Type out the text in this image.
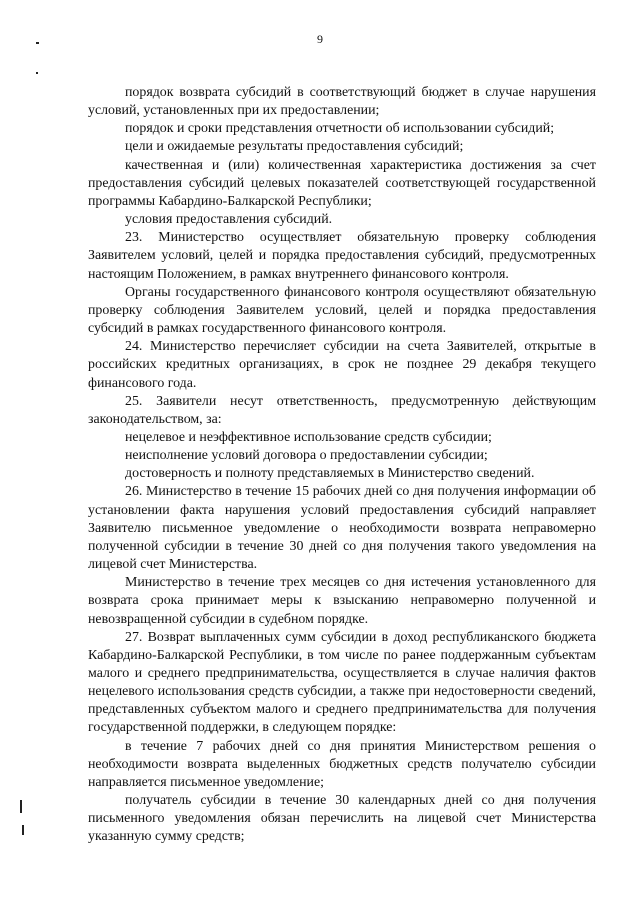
9

порядок возврата субсидий в соответствующий бюджет в случае нарушения условий, установленных при их предоставлении;

порядок и сроки представления отчетности об использовании субсидий;

цели и ожидаемые результаты предоставления субсидий;

качественная и (или) количественная характеристика достижения за счет предоставления субсидий целевых показателей соответствующей государственной программы Кабардино-Балкарской Республики;

условия предоставления субсидий.

23. Министерство осуществляет обязательную проверку соблюдения Заявителем условий, целей и порядка предоставления субсидий, предусмотренных настоящим Положением, в рамках внутреннего финансового контроля.

Органы государственного финансового контроля осуществляют обязательную проверку соблюдения Заявителем условий, целей и порядка предоставления субсидий в рамках государственного финансового контроля.

24. Министерство перечисляет субсидии на счета Заявителей, открытые в российских кредитных организациях, в срок не позднее 29 декабря текущего финансового года.

25. Заявители несут ответственность, предусмотренную действующим законодательством, за:

нецелевое и неэффективное использование средств субсидии;

неисполнение условий договора о предоставлении субсидии;

достоверность и полноту представляемых в Министерство сведений.

26. Министерство в течение 15 рабочих дней со дня получения информации об установлении факта нарушения условий предоставления субсидий направляет Заявителю письменное уведомление о необходимости возврата неправомерно полученной субсидии в течение 30 дней со дня получения такого уведомления на лицевой счет Министерства.

Министерство в течение трех месяцев со дня истечения установленного для возврата срока принимает меры к взысканию неправомерно полученной и невозвращенной субсидии в судебном порядке.

27. Возврат выплаченных сумм субсидии в доход республиканского бюджета Кабардино-Балкарской Республики, в том числе по ранее поддержанным субъектам малого и среднего предпринимательства, осуществляется в случае наличия фактов нецелевого использования средств субсидии, а также при недостоверности сведений, представленных субъектом малого и среднего предпринимательства для получения государственной поддержки, в следующем порядке:

в течение 7 рабочих дней со дня принятия Министерством решения о необходимости возврата выделенных бюджетных средств получателю субсидии направляется письменное уведомление;

получатель субсидии в течение 30 календарных дней со дня получения письменного уведомления обязан перечислить на лицевой счет Министерства указанную сумму средств;
